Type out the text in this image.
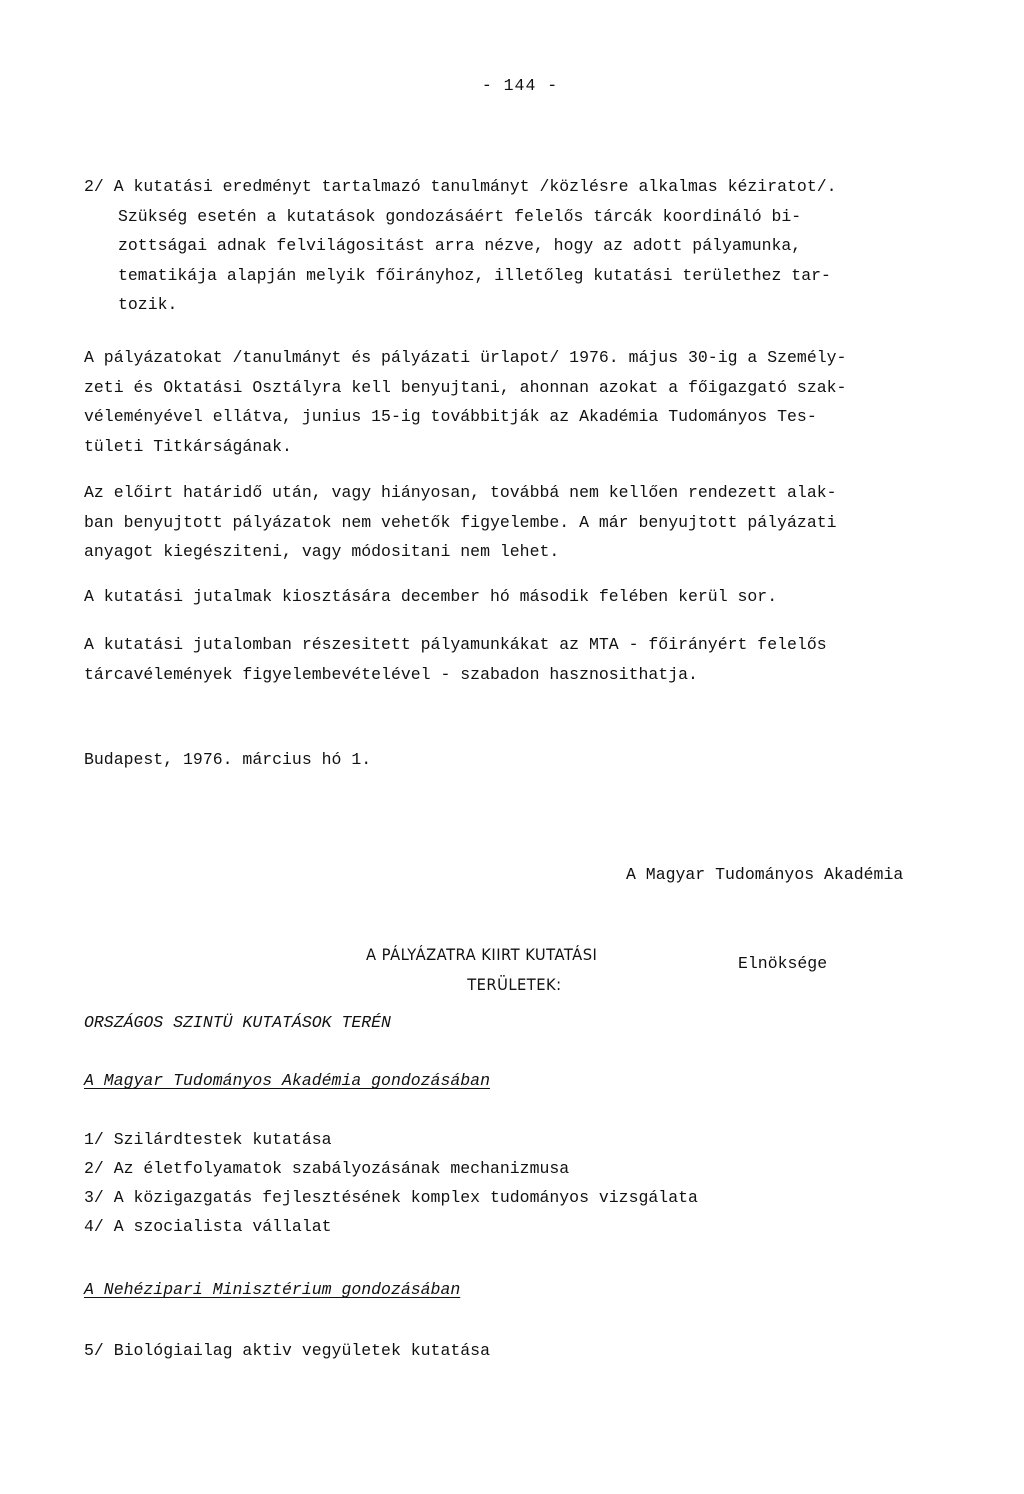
- 144 -
2/ A kutatási eredményt tartalmazó tanulmányt /közlésre alkalmas kéziratot/.
Szükség esetén a kutatások gondozásáért felelős tárcák koordináló bi-
zottságai adnak felvilágositást arra nézve, hogy az adott pályamunka,
tematikája alapján melyik főirányhoz, illetőleg kutatási területhez tar-
tozik.
A pályázatokat /tanulmányt és pályázati ürlapot/ 1976. május 30-ig a Személy-
zeti és Oktatási Osztályra kell benyujtani, ahonnan azokat a főigazgató szak-
véleményével ellátva, junius 15-ig továbbitják az Akadémia Tudományos Tes-
tületi Titkárságának.
Az előirt határidő után, vagy hiányosan, továbbá nem kellően rendezett alak-
ban benyujtott pályázatok nem vehetők figyelembe. A már benyujtott pályázati
anyagot kiegésziteni, vagy módositani nem lehet.
A kutatási jutalmak kiosztására december hó második felében kerül sor.
A kutatási jutalomban részesitett pályamunkákat az MTA - főirányért felelős
tárcavélemények figyelembevételével - szabadon hasznosithatja.
Budapest, 1976. március hó 1.

A Magyar Tudományos Akadémia

Elnöksége

A PÁLYÁZATRA KIIRT KUTATÁSI
TERÜLETEK:
ORSZÁGOS SZINTÜ KUTATÁSOK TERÉN
A Magyar Tudományos Akadémia gondozásában
1/ Szilárdtestek kutatása
2/ Az életfolyamatok szabályozásának mechanizmusa
3/ A közigazgatás fejlesztésének komplex tudományos vizsgálata
4/ A szocialista vállalat
A Nehézipari Minisztérium gondozásában
5/ Biológiailag aktiv vegyületek kutatása
